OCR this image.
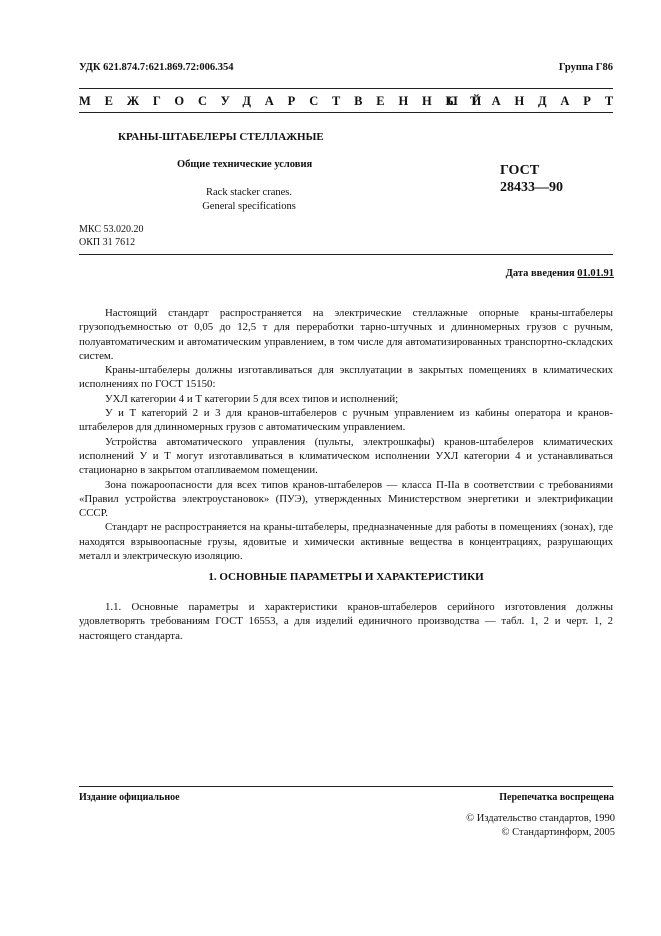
УДК 621.874.7:621.869.72:006.354	Группа Г86
МЕЖГОСУДАРСТВЕННЫЙ
СТАНДАРТ
КРАНЫ-ШТАБЕЛЕРЫ СТЕЛЛАЖНЫЕ
Общие технические условия
Rack stacker cranes.
General specifications
ГОСТ
28433—90
МКС 53.020.20
ОКП 31 7612
Дата введения 01.01.91

Настоящий стандарт распространяется на электрические стеллажные опорные краны-штабелеры грузоподъемностью от 0,05 до 12,5 т для переработки тарно-штучных и длинномерных грузов с ручным, полуавтоматическим и автоматическим управлением, в том числе для автоматизированных транспортно-складских систем.

Краны-штабелеры должны изготавливаться для эксплуатации в закрытых помещениях в климатических исполнениях по ГОСТ 15150:

УХЛ категории 4 и Т категории 5 для всех типов и исполнений;

У и Т категорий 2 и 3 для кранов-штабелеров с ручным управлением из кабины оператора и кранов-штабелеров для длинномерных грузов с автоматическим управлением.

Устройства автоматического управления (пульты, электрошкафы) кранов-штабелеров климатических исполнений У и Т могут изготавливаться в климатическом исполнении УХЛ категории 4 и устанавливаться стационарно в закрытом отапливаемом помещении.

Зона пожароопасности для всех типов кранов-штабелеров — класса П-IIа в соответствии с требованиями «Правил устройства электроустановок» (ПУЭ), утвержденных Министерством энергетики и электрификации СССР.

Стандарт не распространяется на краны-штабелеры, предназначенные для работы в помещениях (зонах), где находятся взрывоопасные грузы, ядовитые и химически активные вещества в концентрациях, разрушающих металл и электрическую изоляцию.

1. ОСНОВНЫЕ ПАРАМЕТРЫ И ХАРАКТЕРИСТИКИ

1.1. Основные параметры и характеристики кранов-штабелеров серийного изготовления должны удовлетворять требованиям ГОСТ 16553, а для изделий единичного производства — табл. 1, 2 и черт. 1, 2 настоящего стандарта.

Издание официальное	Перепечатка воспрещена
© Издательство стандартов, 1990
© Стандартинформ, 2005
